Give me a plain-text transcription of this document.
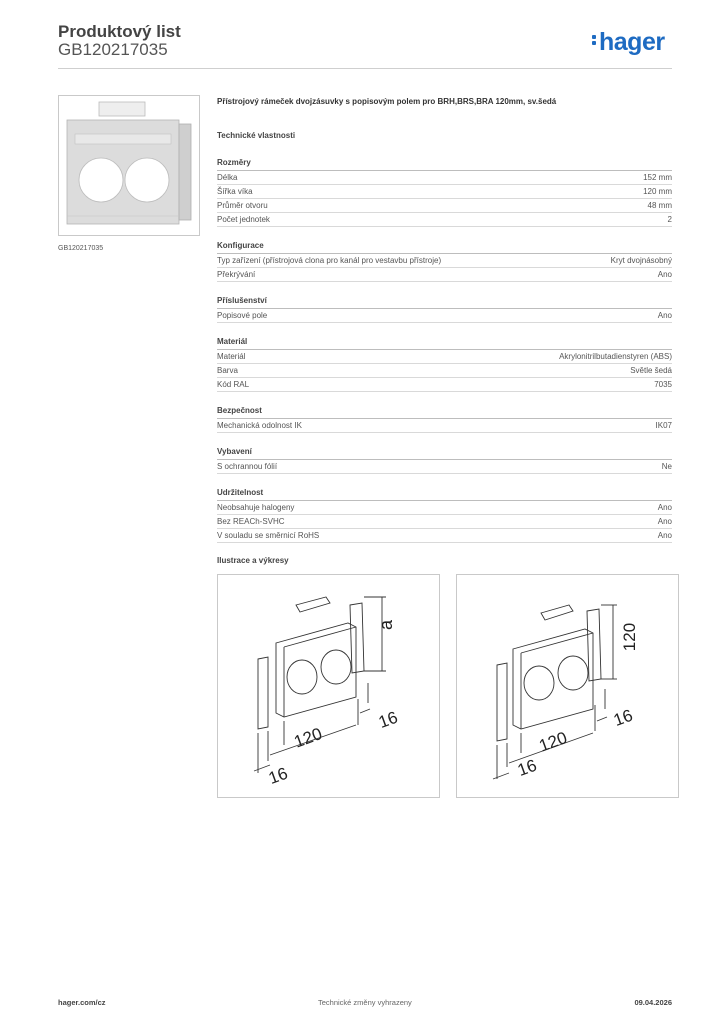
Produktový list
GB120217035	hager
GB120217035
Přístrojový rámeček dvojzásuvky s popisovým polem pro BRH,BRS,BRA 120mm, sv.šedá
Technické vlastnosti
Rozměry
Délka	152 mm
Šířka víka	120 mm
Průměr otvoru	48 mm
Počet jednotek	2
Konfigurace
Typ zařízení (přístrojová clona pro kanál pro vestavbu přístroje)	Kryt dvojnásobný
Překrývání	Ano
Příslušenství
Popisové pole	Ano
Materiál
Materiál	Akrylonitrilbutadienstyren (ABS)
Barva	Světle šedá
Kód RAL	7035
Bezpečnost
Mechanická odolnost IK	IK07
Vybavení
S ochrannou fólií	Ne
Udržitelnost
Neobsahuje halogeny	Ano
Bez REACh-SVHC	Ano
V souladu se směrnicí RoHS	Ano
Ilustrace a výkresy
a
120
16
16
120
120
16
16
hager.com/cz	Technické změny vyhrazeny	09.04.2026
